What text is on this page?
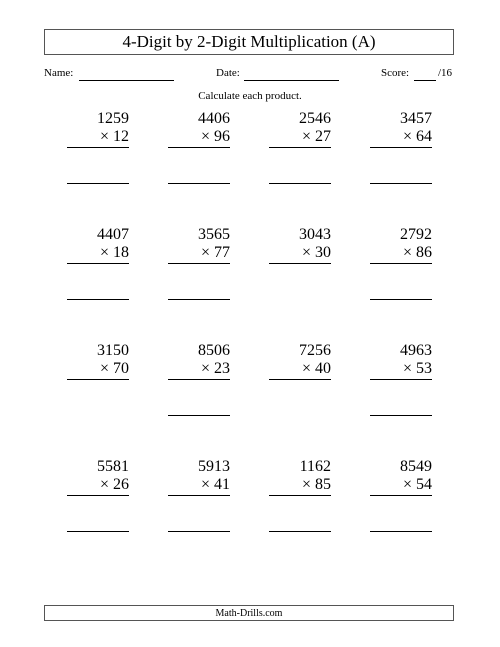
4-Digit by 2-Digit Multiplication (A)
Name:	Date:	Score:	/16
Calculate each product.
1259
× 12
4406
× 96
2546
× 27
3457
× 64
4407
× 18
3565
× 77
3043
× 30
2792
× 86
3150
× 70
8506
× 23
7256
× 40
4963
× 53
5581
× 26
5913
× 41
1162
× 85
8549
× 54
Math-Drills.com
